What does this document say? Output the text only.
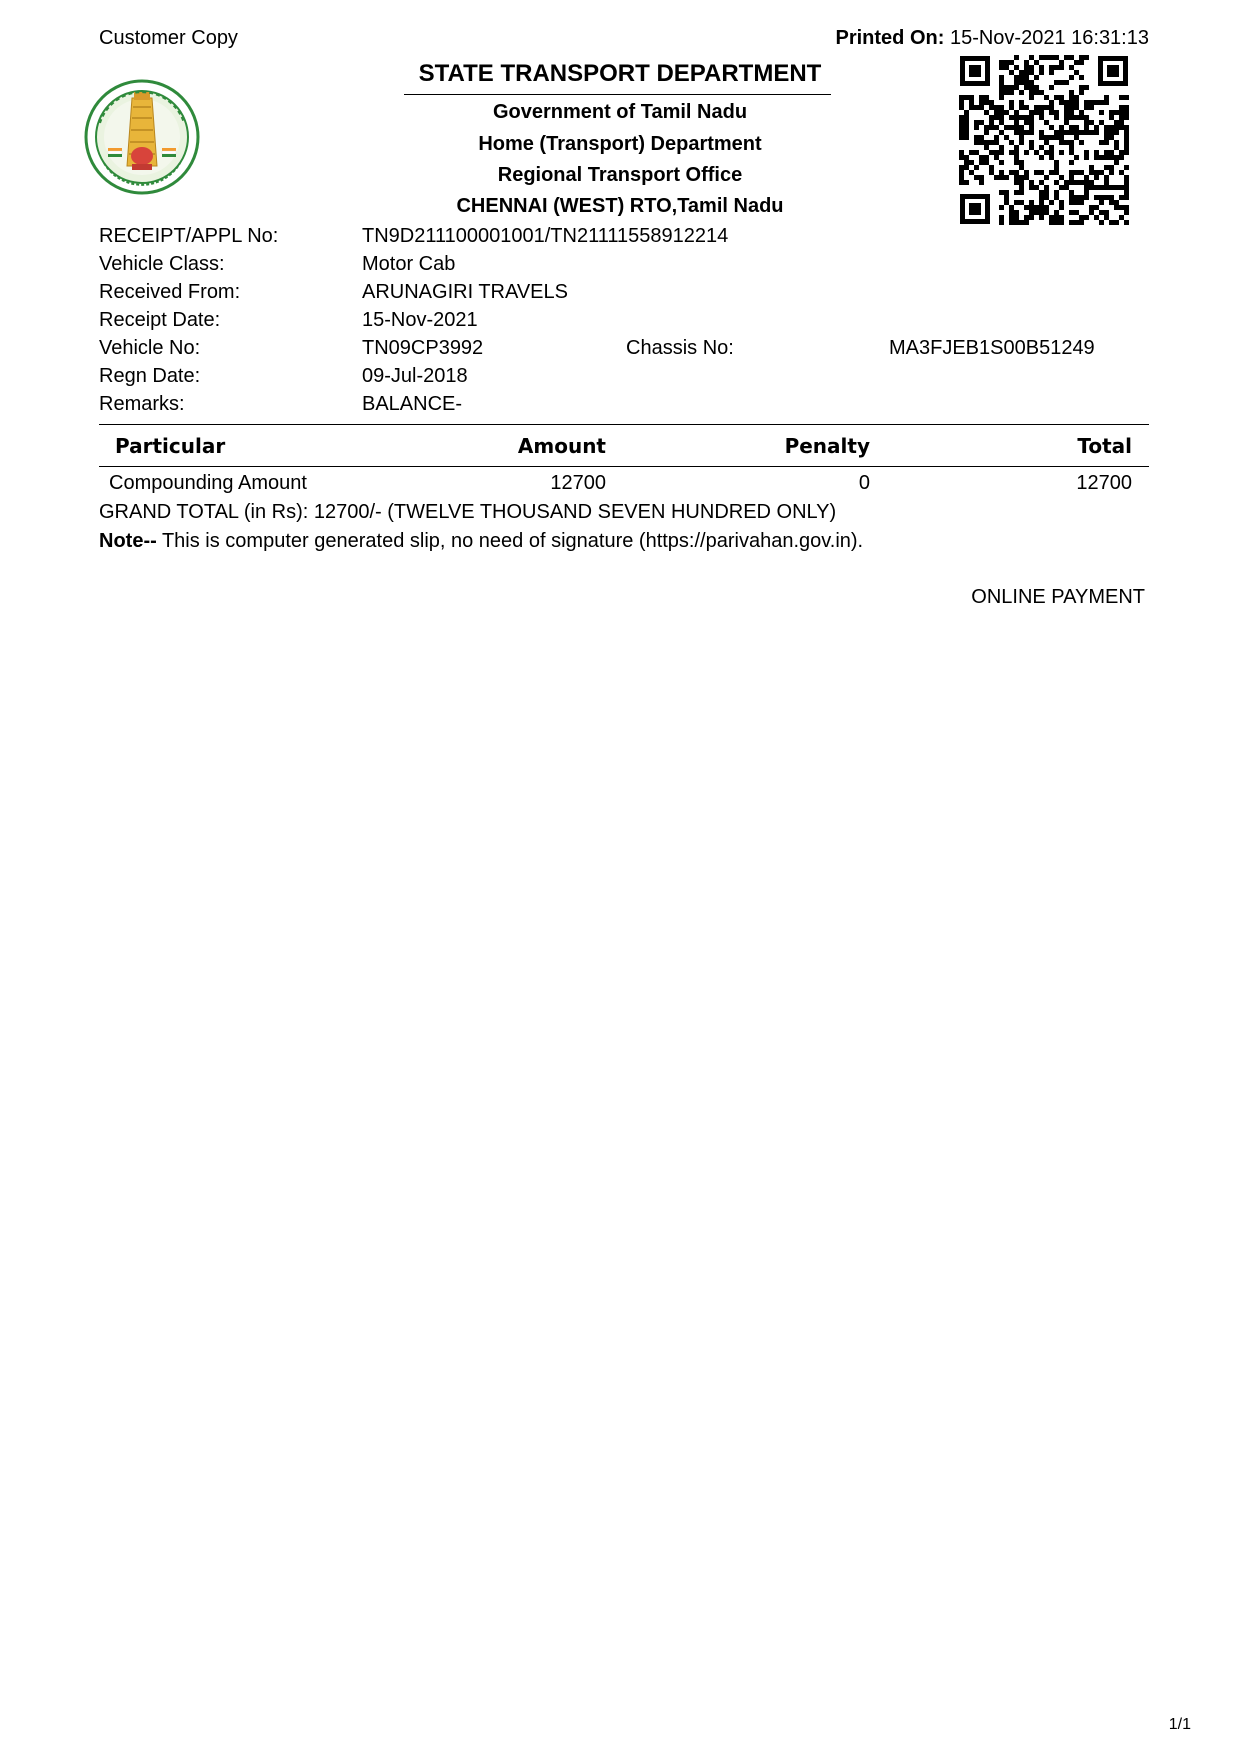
Customer Copy	Printed On: 15-Nov-2021 16:31:13
STATE TRANSPORT DEPARTMENT
Government of Tamil Nadu
Home (Transport) Department
Regional Transport Office
CHENNAI (WEST) RTO,Tamil Nadu
RECEIPT/APPL No:	TN9D211100001001/TN21111558912214
Vehicle Class:	Motor Cab
Received From:	ARUNAGIRI TRAVELS
Receipt Date:	15-Nov-2021
Vehicle No:	TN09CP3992	Chassis No:	MA3FJEB1S00B51249
Regn Date:	09-Jul-2018
Remarks:	BALANCE-
Particular	Amount	Penalty	Total
Compounding Amount	12700	0	12700
GRAND TOTAL (in Rs): 12700/- (TWELVE THOUSAND SEVEN HUNDRED ONLY)
Note-- This is computer generated slip, no need of signature (https://parivahan.gov.in).
ONLINE PAYMENT
1/1
